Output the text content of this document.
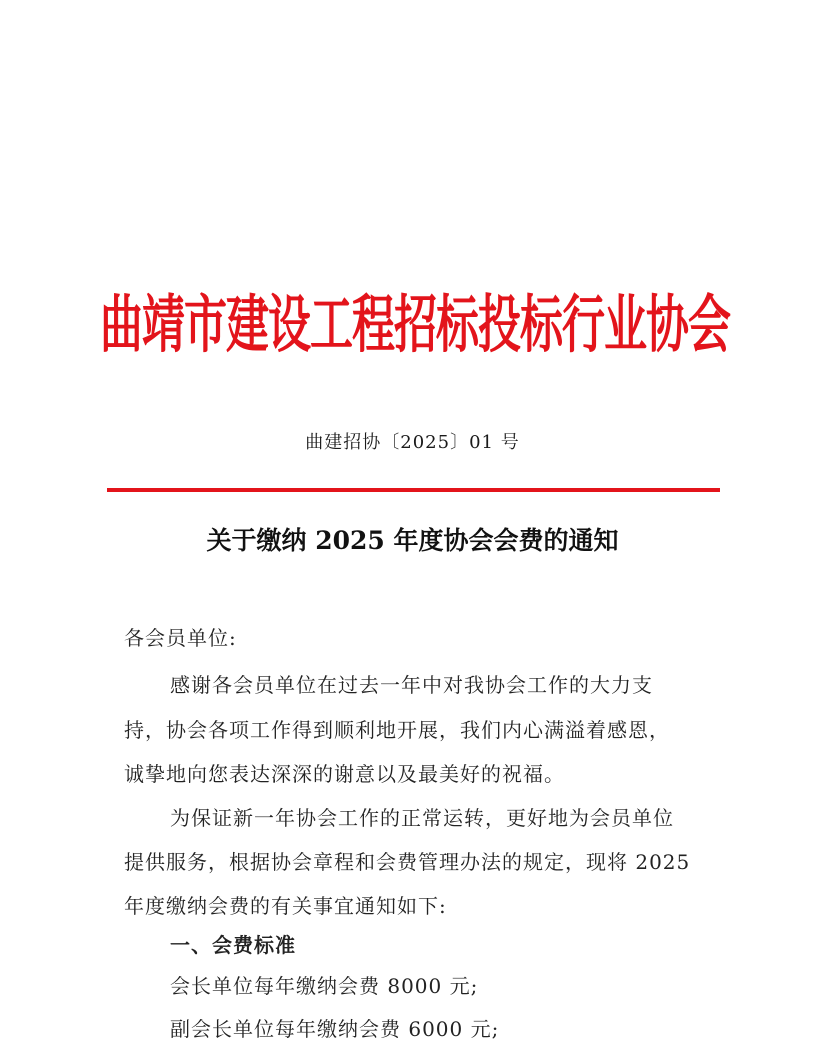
曲靖市建设工程招标投标行业协会
曲建招协〔2025〕01 号
关于缴纳 2025 年度协会会费的通知
各会员单位:
感谢各会员单位在过去一年中对我协会工作的大力支
持，协会各项工作得到顺利地开展，我们内心满溢着感恩，
诚挚地向您表达深深的谢意以及最美好的祝福。
为保证新一年协会工作的正常运转，更好地为会员单位
提供服务，根据协会章程和会费管理办法的规定，现将 2025
年度缴纳会费的有关事宜通知如下:
一、会费标准
会长单位每年缴纳会费 8000 元;
副会长单位每年缴纳会费 6000 元;
